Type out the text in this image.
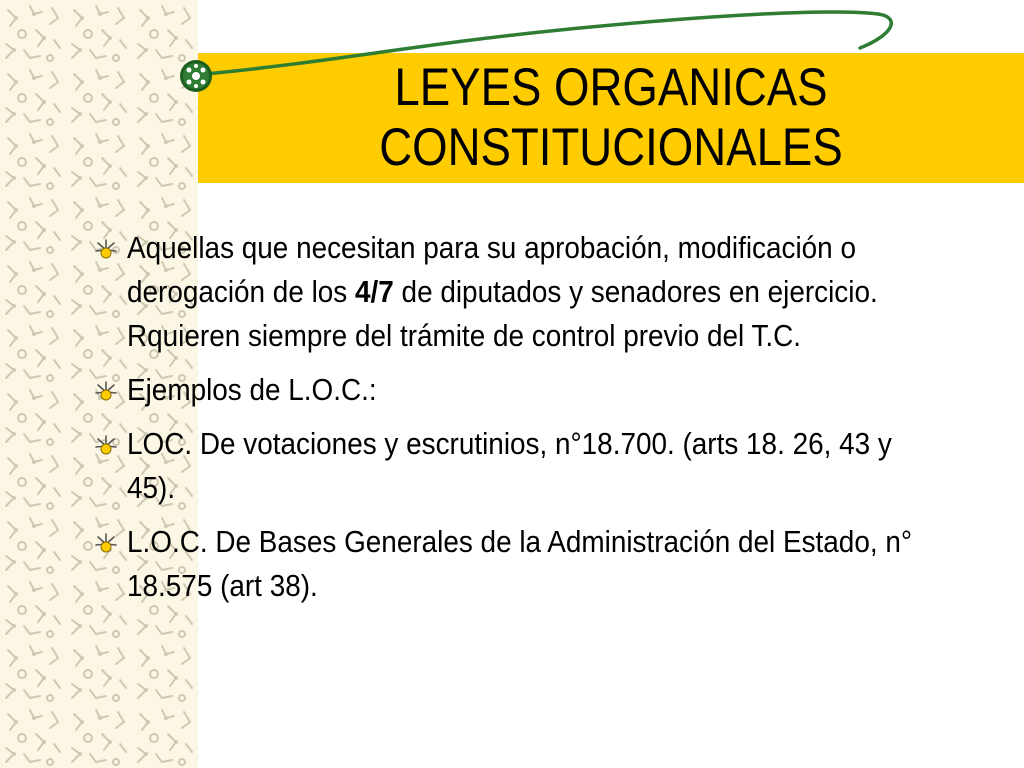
LEYES ORGANICAS
CONSTITUCIONALES
Aquellas que necesitan para su aprobación, modificación o derogación de los 4/7 de diputados y senadores en ejercicio. Rquieren siempre del trámite de control previo del T.C.
Ejemplos de L.O.C.:
LOC. De votaciones y escrutinios, n°18.700. (arts 18. 26, 43 y 45).
L.O.C. De Bases Generales de la Administración del Estado, n° 18.575 (art 38).
